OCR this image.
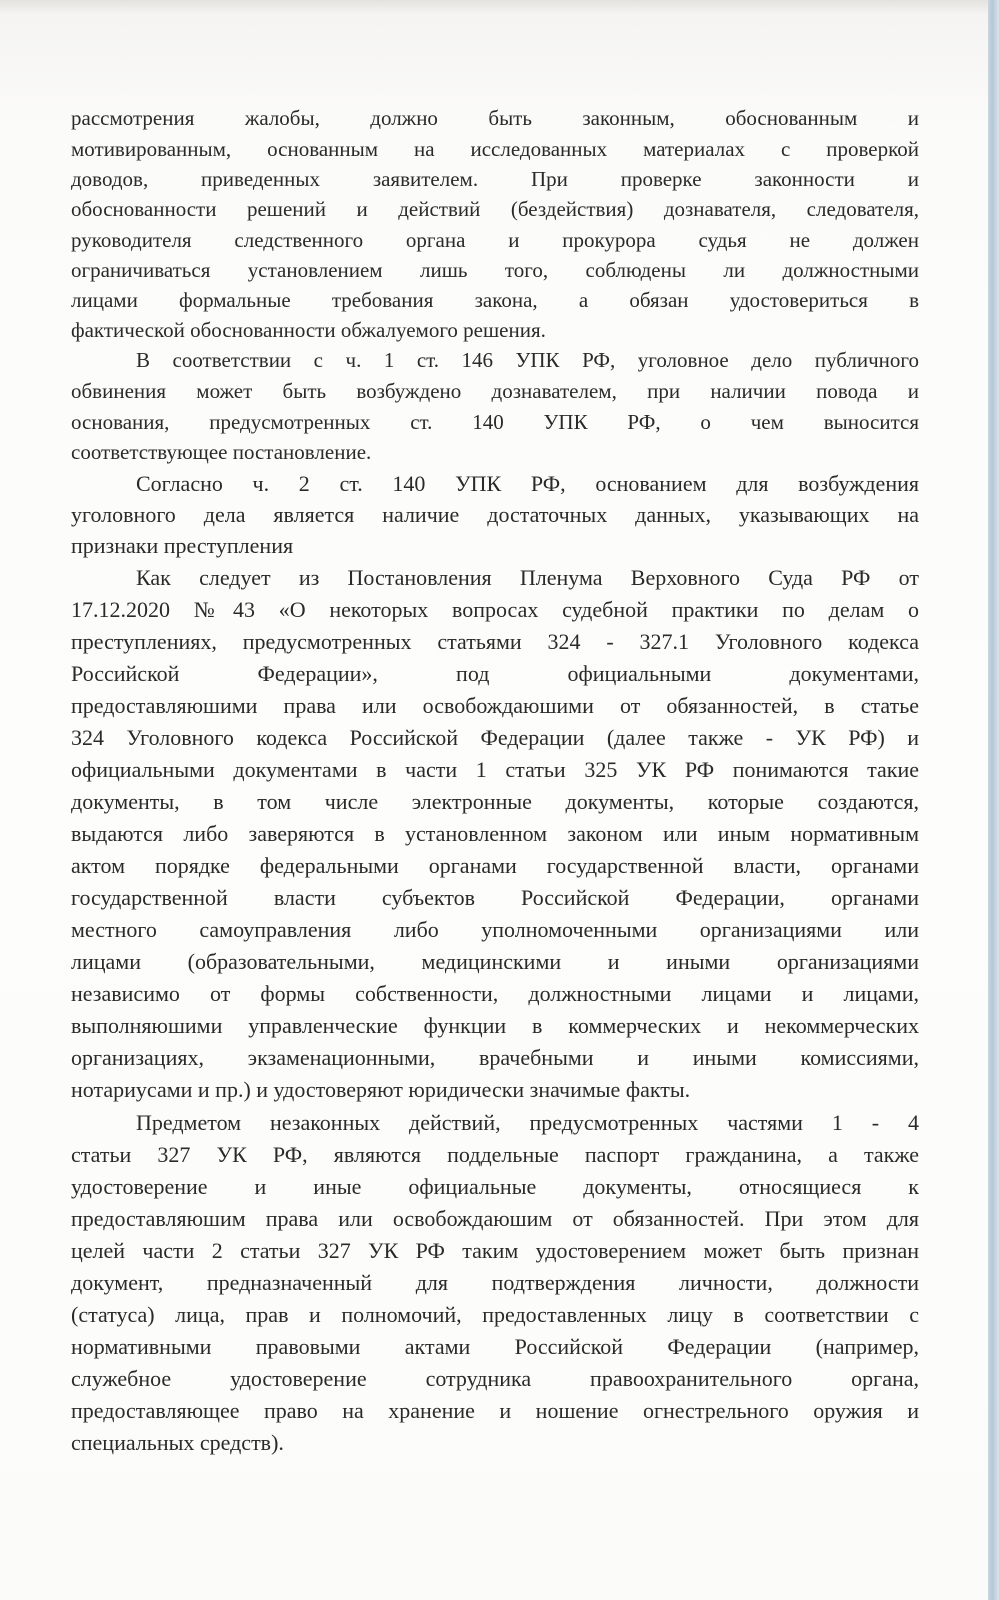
рассмотрения жалобы, должно быть законным, обоснованным и
мотивированным, основанным на исследованных материалах с проверкой
доводов, приведенных заявителем. При проверке законности и
обоснованности решений и действий (бездействия) дознавателя, следователя,
руководителя следственного органа и прокурора судья не должен
ограничиваться установлением лишь того, соблюдены ли должностными
лицами формальные требования закона, а обязан удостовериться в
фактической обоснованности обжалуемого решения.
В соответствии с ч. 1 ст. 146 УПК РФ, уголовное дело публичного
обвинения может быть возбуждено дознавателем, при наличии повода и
основания, предусмотренных ст. 140 УПК РФ, о чем выносится
соответствующее постановление.
Согласно ч. 2 ст. 140 УПК РФ, основанием для возбуждения
уголовного дела является наличие достаточных данных, указывающих на
признаки преступления
Как следует из Постановления Пленума Верховного Суда РФ от
17.12.2020 №43 «О некоторых вопросах судебной практики по делам о
преступлениях, предусмотренных статьями 324 - 327.1 Уголовного кодекса
Российской Федерации», под официальными документами,
предоставляюшими права или освобождаюшими от обязанностей, в статье
324 Уголовного кодекса Российской Федерации (далее также - УК РФ) и
официальными документами в части 1 статьи 325 УК РФ понимаются такие
документы, в том числе электронные документы, которые создаются,
выдаются либо заверяются в установленном законом или иным нормативным
актом порядке федеральными органами государственной власти, органами
государственной власти субъектов Российской Федерации, органами
местного самоуправления либо уполномоченными организациями или
лицами (образовательными, медицинскими и иными организациями
независимо от формы собственности, должностными лицами и лицами,
выполняюшими управленческие функции в коммерческих и некоммерческих
организациях, экзаменационными, врачебными и иными комиссиями,
нотариусами и пр.) и удостоверяют юридически значимые факты.
Предметом незаконных действий, предусмотренных частями 1 - 4
статьи 327 УК РФ, являются поддельные паспорт гражданина, а также
удостоверение и иные официальные документы, относящиеся к
предоставляюшим права или освобождаюшим от обязанностей. При этом для
целей части 2 статьи 327 УК РФ таким удостоверением может быть признан
документ, предназначенный для подтверждения личности, должности
(статуса) лица, прав и полномочий, предоставленных лицу в соответствии с
нормативными правовыми актами Российской Федерации (например,
служебное удостоверение сотрудника правоохранительного органа,
предоставляющее право на хранение и ношение огнестрельного оружия и
специальных средств).
